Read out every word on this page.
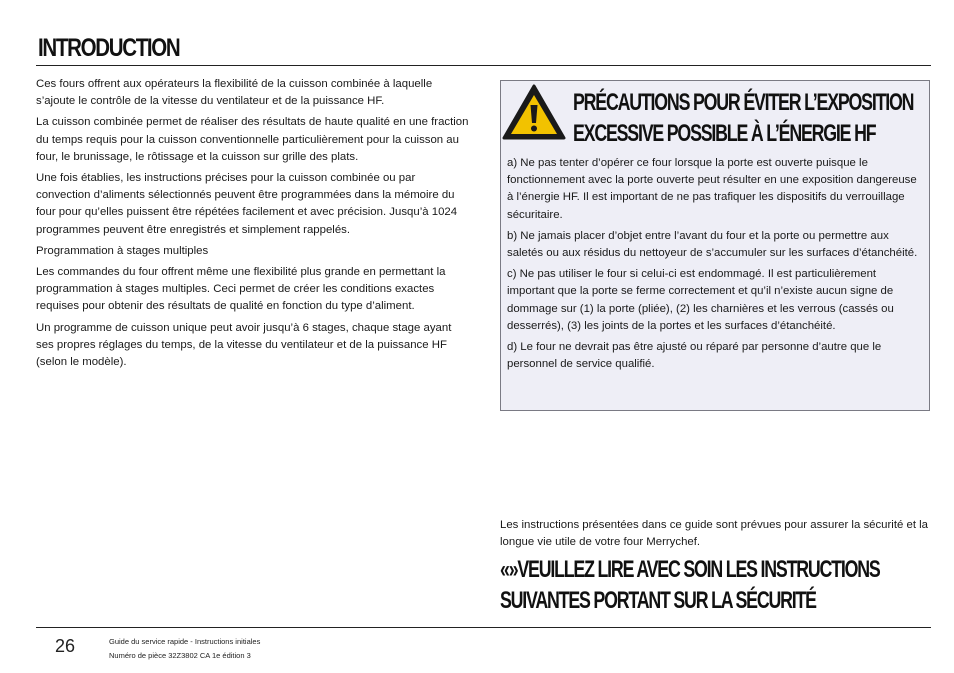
INTRODUCTION

Ces fours offrent aux opérateurs la flexibilité de la cuisson combinée à laquelle s’ajoute le contrôle de la vitesse du ventilateur et de la puissance HF.

La cuisson combinée permet de réaliser des résultats de haute qualité en une fraction du temps requis pour la cuisson conventionnelle particulièrement pour la cuisson au four, le brunissage, le rôtissage et la cuisson sur grille des plats.

Une fois établies, les instructions précises pour la cuisson combinée ou par convection d’aliments sélectionnés peuvent être programmées dans la mémoire du four pour qu’elles puissent être répétées facilement et avec précision. Jusqu’à 1024 programmes peuvent être enregistrés et simplement rappelés.

Programmation à stages multiples

Les commandes du four offrent même une flexibilité plus grande en permettant la programmation à stages multiples. Ceci permet de créer les conditions exactes requises pour obtenir des résultats de qualité en fonction du type d’aliment.

Un programme de cuisson unique peut avoir jusqu’à 6 stages, chaque stage ayant ses propres réglages du temps, de la vitesse du ventilateur et de la puissance HF (selon le modèle).

PRÉCAUTIONS POUR ÉVITER L’EXPOSITION
EXCESSIVE POSSIBLE À L’ÉNERGIE HF

a) Ne pas tenter d’opérer ce four lorsque la porte est ouverte puisque le fonctionnement avec la porte ouverte peut résulter en une exposition dangereuse à l’énergie HF. Il est important de ne pas trafiquer les dispositifs du verrouillage sécuritaire.

b) Ne jamais placer d’objet entre l’avant du four et la porte ou permettre aux saletés ou aux résidus du nettoyeur de s’accumuler sur les surfaces d’étanchéité.

c) Ne pas utiliser le four si celui-ci est endommagé. Il est particulièrement important que la porte se ferme correctement et qu’il n’existe aucun signe de dommage sur (1) la porte (pliée), (2) les charnières et les verrous (cassés ou desserrés), (3) les joints de la portes et les surfaces d’étanchéité.

d) Le four ne devrait pas être ajusté ou réparé par personne d’autre que le personnel de service qualifié.

Les instructions présentées dans ce guide sont prévues pour assurer la sécurité et la longue vie utile de votre four Merrychef.

«»VEUILLEZ LIRE AVEC SOIN LES INSTRUCTIONS
SUIVANTES PORTANT SUR LA SÉCURITÉ
26	Guide du service rapide - Instructions initiales
Numéro de pièce 32Z3802 CA 1e édition 3
